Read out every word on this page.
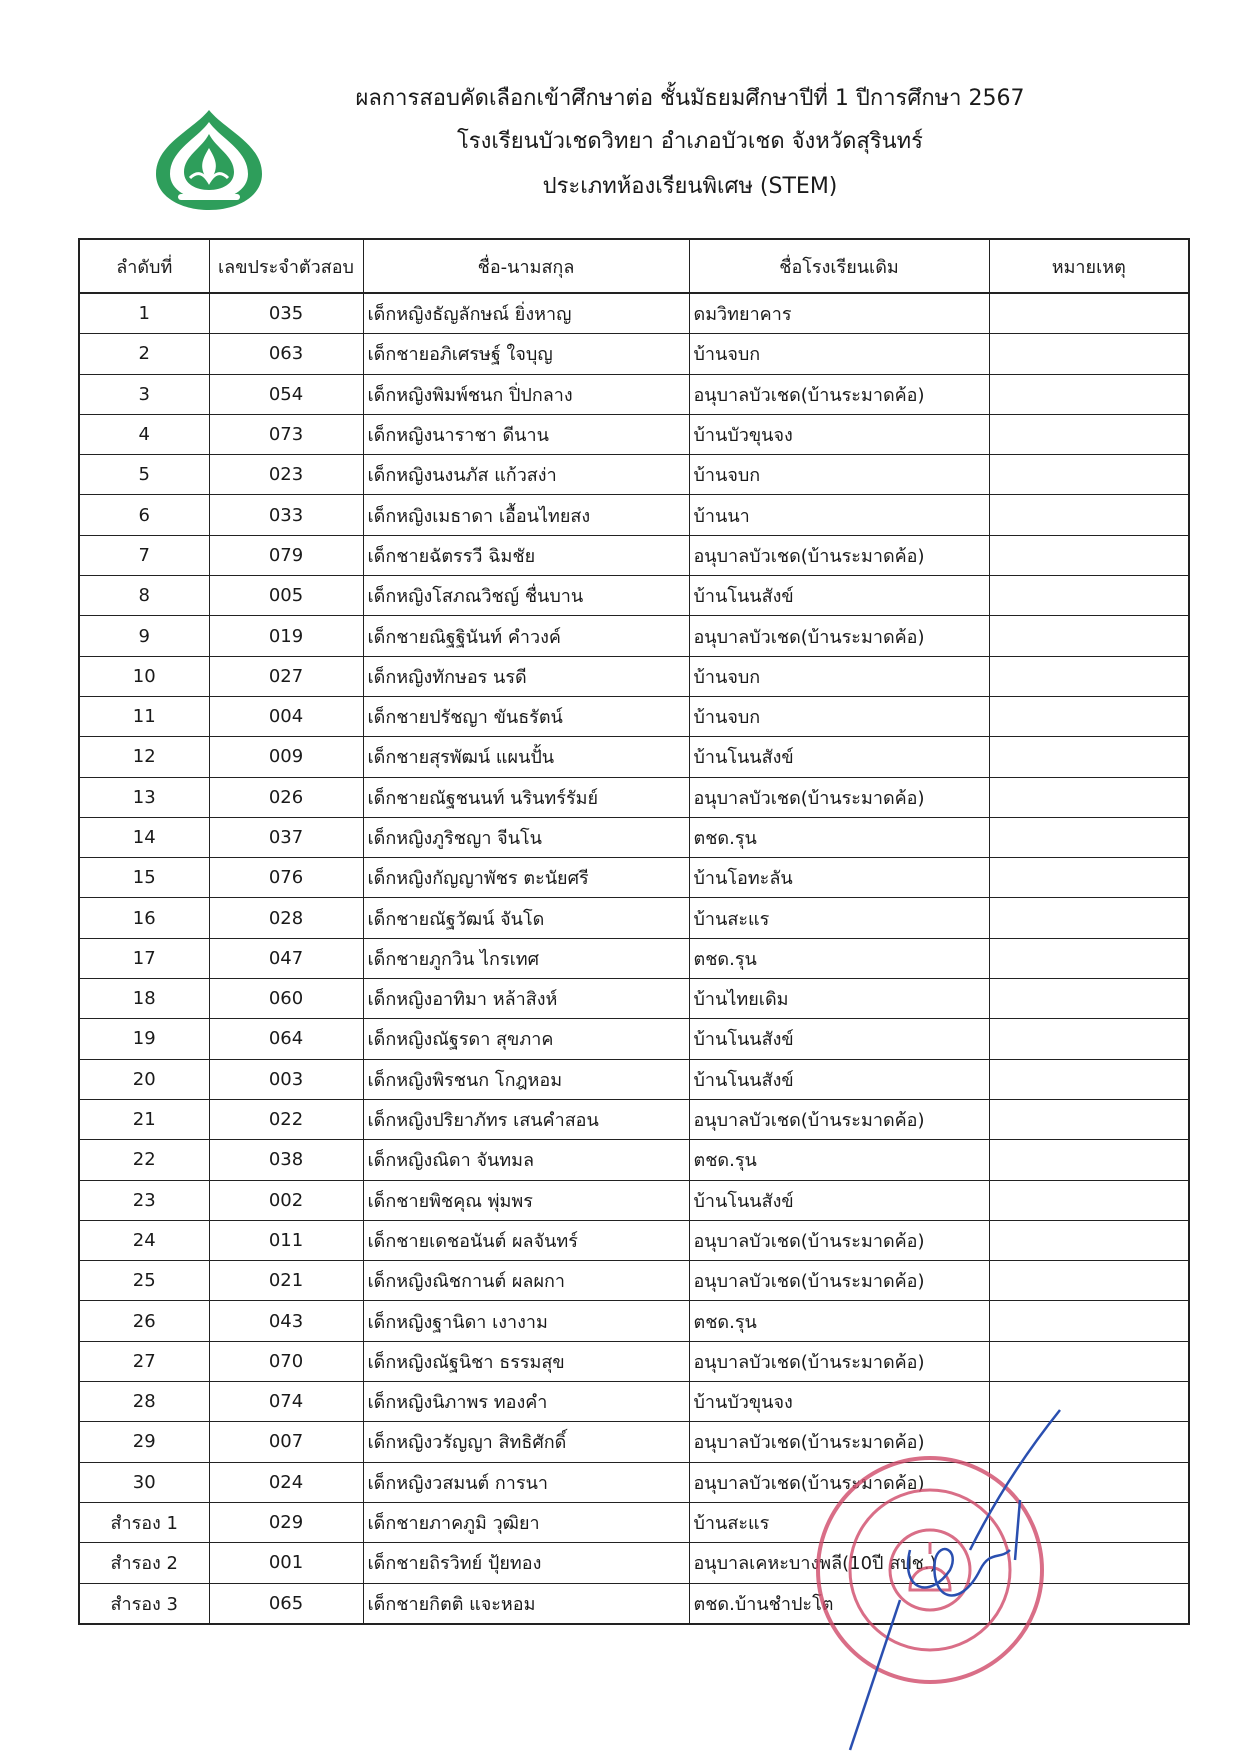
ผลการสอบคัดเลือกเข้าศึกษาต่อ ชั้นมัธยมศึกษาปีที่ 1 ปีการศึกษา 2567
โรงเรียนบัวเชดวิทยา อำเภอบัวเชด จังหวัดสุรินทร์
ประเภทห้องเรียนพิเศษ (STEM)
ลำดับที่	เลขประจำตัวสอบ	ชื่อ-นามสกุล	ชื่อโรงเรียนเดิม	หมายเหตุ
1	035	เด็กหญิงธัญลักษณ์ ยิ่งหาญ	ดมวิทยาคาร	
2	063	เด็กชายอภิเศรษฐ์ ใจบุญ	บ้านจบก	
3	054	เด็กหญิงพิมพ์ชนก ปิ่ปกลาง	อนุบาลบัวเชด(บ้านระมาดค้อ)	
4	073	เด็กหญิงนาราชา ดีนาน	บ้านบัวขุนจง	
5	023	เด็กหญิงนงนภัส แก้วสง่า	บ้านจบก	
6	033	เด็กหญิงเมธาดา เอื้อนไทยสง	บ้านนา	
7	079	เด็กชายฉัตรรวี ฉิมชัย	อนุบาลบัวเชด(บ้านระมาดค้อ)	
8	005	เด็กหญิงโสภณวิชญ์ ชื่นบาน	บ้านโนนสังข์	
9	019	เด็กชายณิฐฐินันท์ คำวงค์	อนุบาลบัวเชด(บ้านระมาดค้อ)	
10	027	เด็กหญิงทักษอร นรดี	บ้านจบก	
11	004	เด็กชายปรัชญา ขันธรัตน์	บ้านจบก	
12	009	เด็กชายสุรพัฒน์ แผนปั้น	บ้านโนนสังข์	
13	026	เด็กชายณัฐชนนท์ นรินทร์รัมย์	อนุบาลบัวเชด(บ้านระมาดค้อ)	
14	037	เด็กหญิงภูริชญา จีนโน	ตชด.รุน	
15	076	เด็กหญิงกัญญาพัชร ตะนัยศรี	บ้านโอทะลัน	
16	028	เด็กชายณัฐวัฒน์ จันโด	บ้านสะแร	
17	047	เด็กชายภูกวิน ไกรเทศ	ตชด.รุน	
18	060	เด็กหญิงอาทิมา หล้าสิงห์	บ้านไทยเดิม	
19	064	เด็กหญิงณัฐรดา สุขภาค	บ้านโนนสังข์	
20	003	เด็กหญิงพิรชนก โกฎหอม	บ้านโนนสังข์	
21	022	เด็กหญิงปริยาภัทร เสนคำสอน	อนุบาลบัวเชด(บ้านระมาดค้อ)	
22	038	เด็กหญิงณิดา จันทมล	ตชด.รุน	
23	002	เด็กชายพิชคุณ พุ่มพร	บ้านโนนสังข์	
24	011	เด็กชายเดชอนันต์ ผลจันทร์	อนุบาลบัวเชด(บ้านระมาดค้อ)	
25	021	เด็กหญิงณิชกานต์ ผลผกา	อนุบาลบัวเชด(บ้านระมาดค้อ)	
26	043	เด็กหญิงฐานิดา เงางาม	ตชด.รุน	
27	070	เด็กหญิงณัฐนิชา ธรรมสุข	อนุบาลบัวเชด(บ้านระมาดค้อ)	
28	074	เด็กหญิงนิภาพร ทองคำ	บ้านบัวขุนจง	
29	007	เด็กหญิงวรัญญา สิทธิศักดิ์	อนุบาลบัวเชด(บ้านระมาดค้อ)	
30	024	เด็กหญิงวสมนต์ การนา	อนุบาลบัวเชด(บ้านระมาดค้อ)	
สำรอง 1	029	เด็กชายภาคภูมิ วุฒิยา	บ้านสะแร	
สำรอง 2	001	เด็กชายถิรวิทย์ ปุ้ยทอง	อนุบาลเคหะบางพลี(10ปี สปช.)	
สำรอง 3	065	เด็กชายกิตติ แจะหอม	ตชด.บ้านชำปะโต	
